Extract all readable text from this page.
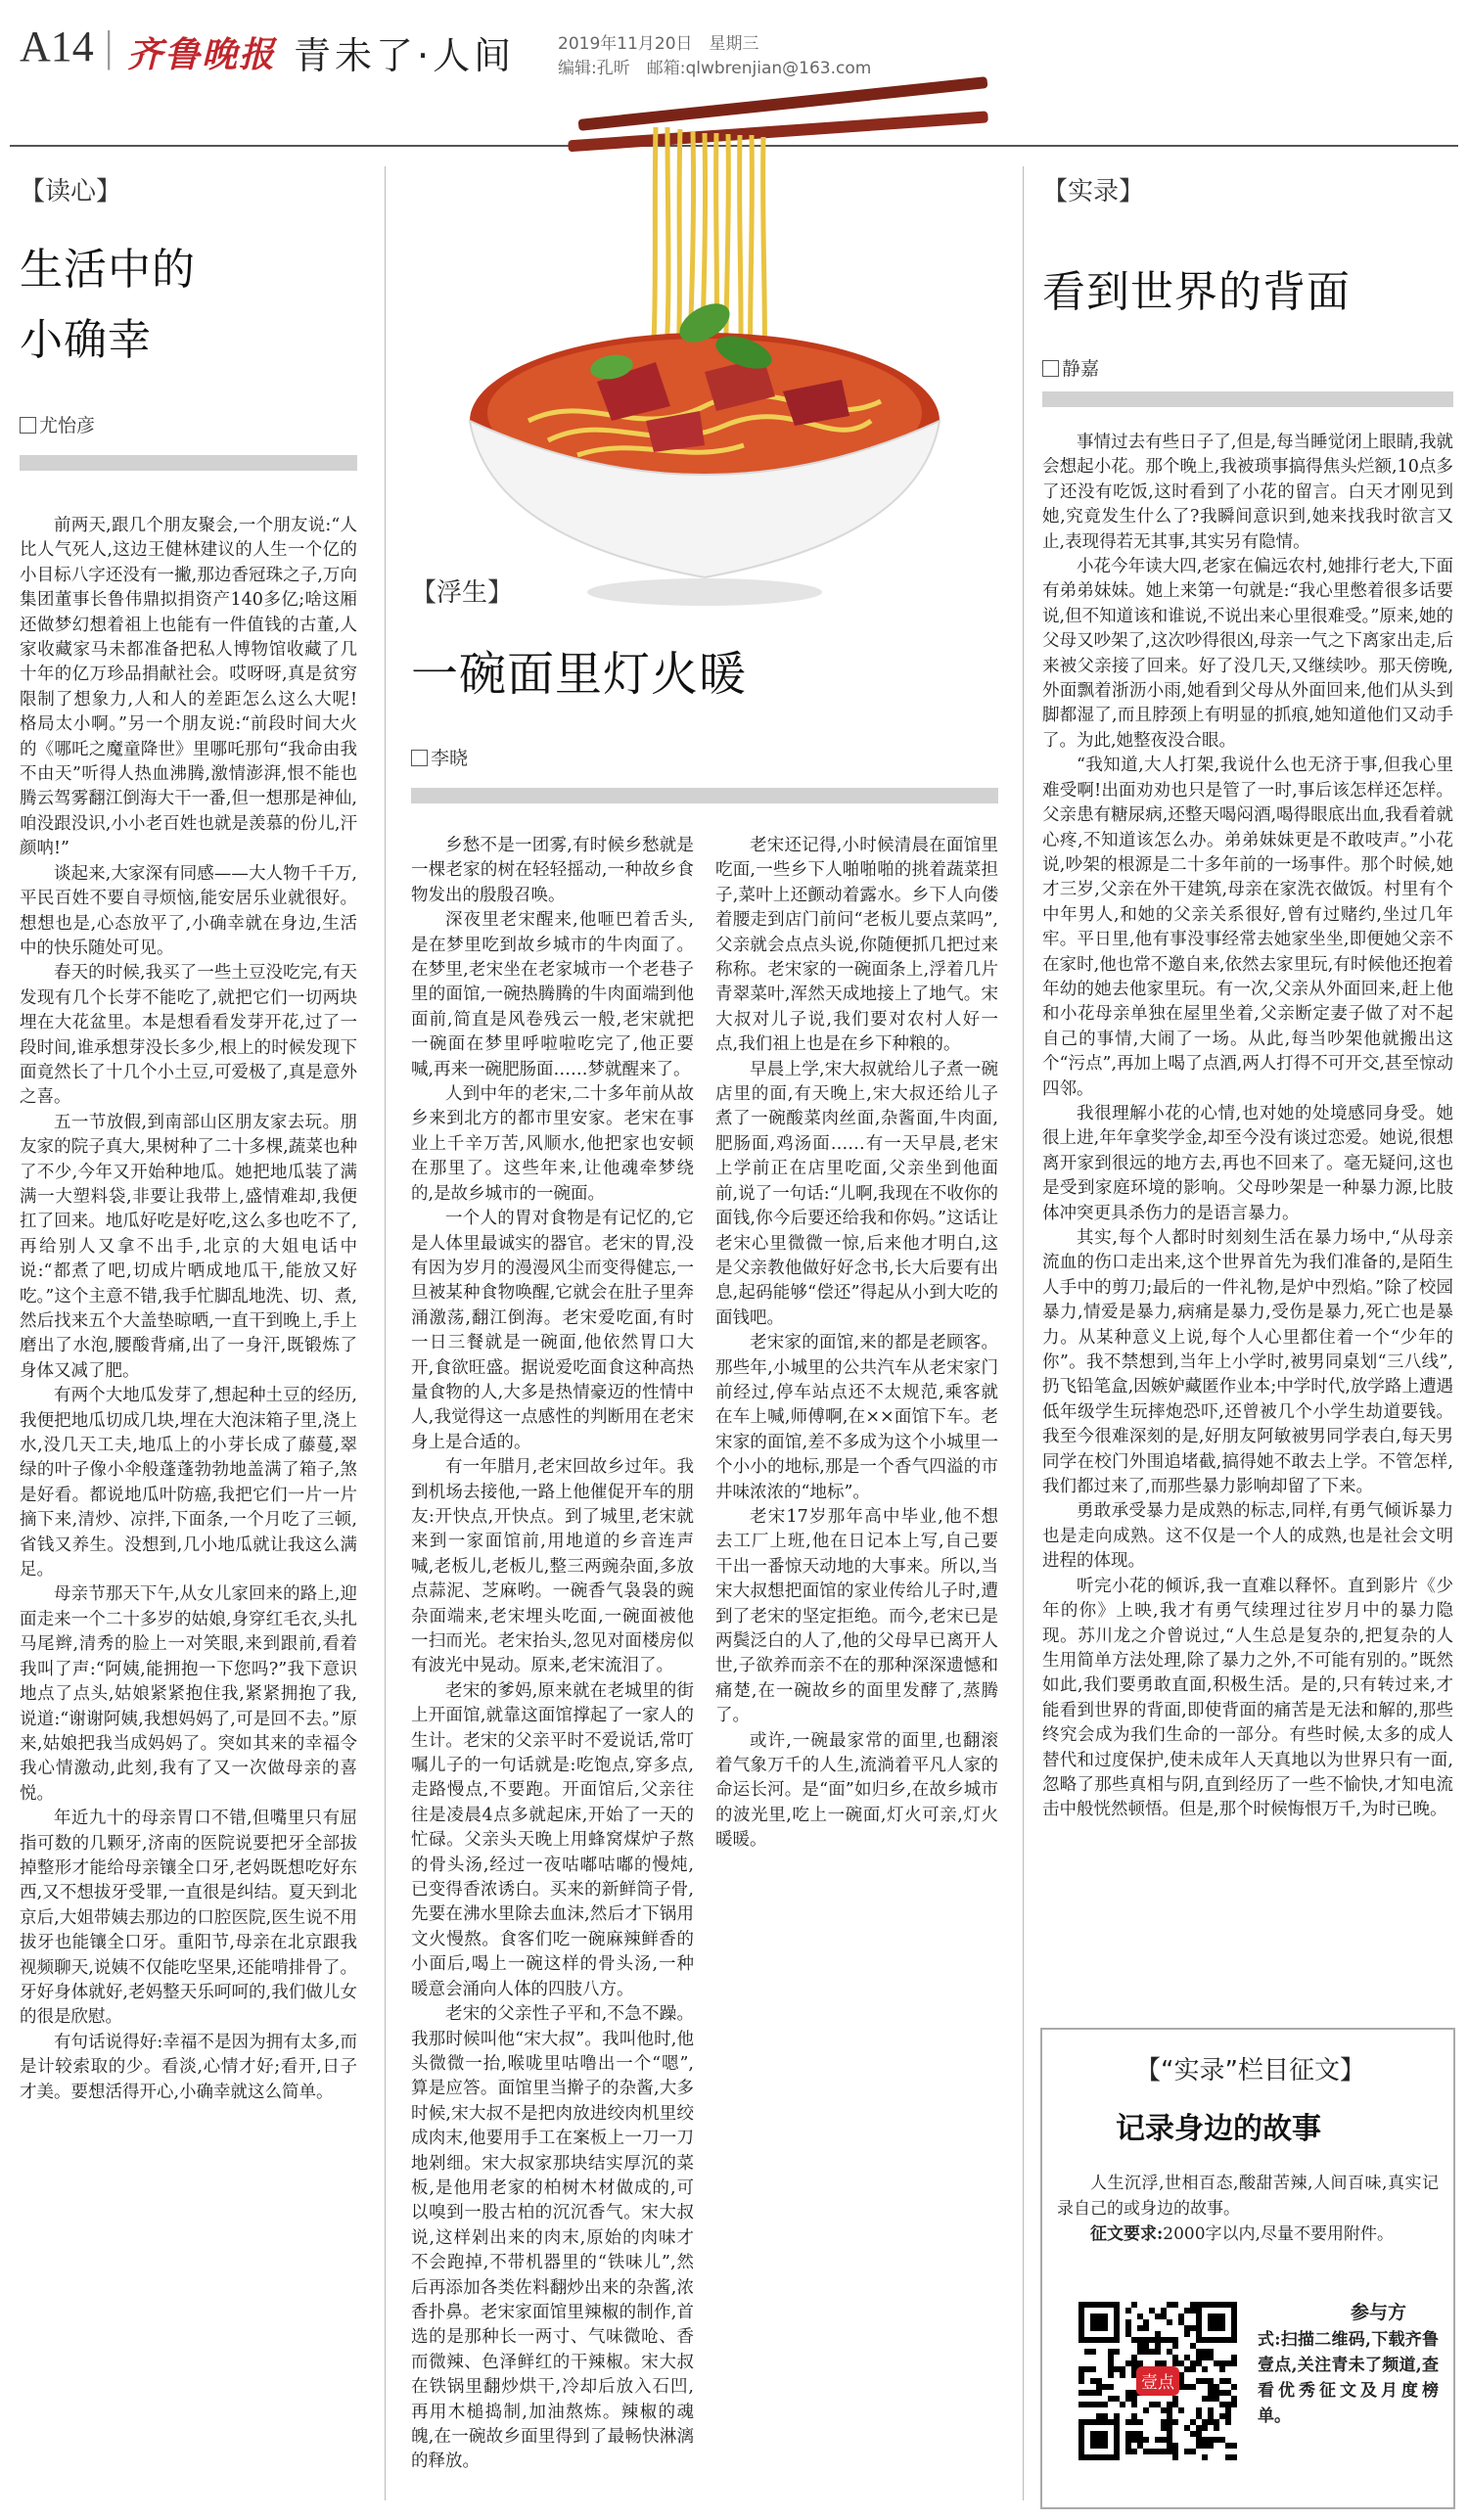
A14 | 齐鲁晚报 青未了·人间	2019年11月20日　星期三
编辑:孔昕　邮箱:qlwbrenjian@163.com
【读心】
生活中的
小确幸
尤怡彦

前两天,跟几个朋友聚会,一个朋友说:“人比人气死人,这边王健林建议的人生一个亿的小目标八字还没有一撇,那边香冠珠之子,万向集团董事长鲁伟鼎拟捐资产140多亿;啥这厢还做梦幻想着祖上也能有一件值钱的古董,人家收藏家马未都准备把私人博物馆收藏了几十年的亿万珍品捐献社会。哎呀呀,真是贫穷限制了想象力,人和人的差距怎么这么大呢!格局太小啊。”另一个朋友说:“前段时间大火的《哪吒之魔童降世》里哪吒那句“我命由我不由天”听得人热血沸腾,激情澎湃,恨不能也腾云驾雾翻江倒海大干一番,但一想那是神仙,咱没跟没识,小小老百姓也就是羡慕的份儿,汗颜呐!”

谈起来,大家深有同感——大人物千千万,平民百姓不要自寻烦恼,能安居乐业就很好。想想也是,心态放平了,小确幸就在身边,生活中的快乐随处可见。

春天的时候,我买了一些土豆没吃完,有天发现有几个长芽不能吃了,就把它们一切两块埋在大花盆里。本是想看看发芽开花,过了一段时间,谁承想芽没长多少,根上的时候发现下面竟然长了十几个小土豆,可爱极了,真是意外之喜。

五一节放假,到南部山区朋友家去玩。朋友家的院子真大,果树种了二十多棵,蔬菜也种了不少,今年又开始种地瓜。她把地瓜装了满满一大塑料袋,非要让我带上,盛情难却,我便扛了回来。地瓜好吃是好吃,这么多也吃不了,再给别人又拿不出手,北京的大姐电话中说:“都煮了吧,切成片晒成地瓜干,能放又好吃。”这个主意不错,我手忙脚乱地洗、切、煮,然后找来五个大盖垫晾晒,一直干到晚上,手上磨出了水泡,腰酸背痛,出了一身汗,既锻炼了身体又减了肥。

有两个大地瓜发芽了,想起种土豆的经历,我便把地瓜切成几块,埋在大泡沫箱子里,浇上水,没几天工夫,地瓜上的小芽长成了藤蔓,翠绿的叶子像小伞般蓬蓬勃勃地盖满了箱子,煞是好看。都说地瓜叶防癌,我把它们一片一片摘下来,清炒、凉拌,下面条,一个月吃了三顿,省钱又养生。没想到,几小地瓜就让我这么满足。

母亲节那天下午,从女儿家回来的路上,迎面走来一个二十多岁的姑娘,身穿红毛衣,头扎马尾辫,清秀的脸上一对笑眼,来到跟前,看着我叫了声:“阿姨,能拥抱一下您吗?”我下意识地点了点头,姑娘紧紧抱住我,紧紧拥抱了我,说道:“谢谢阿姨,我想妈妈了,可是回不去。”原来,姑娘把我当成妈妈了。突如其来的幸福令我心情激动,此刻,我有了又一次做母亲的喜悦。

年近九十的母亲胃口不错,但嘴里只有屈指可数的几颗牙,济南的医院说要把牙全部拔掉整形才能给母亲镶全口牙,老妈既想吃好东西,又不想拔牙受罪,一直很是纠结。夏天到北京后,大姐带姨去那边的口腔医院,医生说不用拔牙也能镶全口牙。重阳节,母亲在北京跟我视频聊天,说姨不仅能吃坚果,还能啃排骨了。牙好身体就好,老妈整天乐呵呵的,我们做儿女的很是欣慰。

有句话说得好:幸福不是因为拥有太多,而是计较索取的少。看淡,心情才好;看开,日子才美。要想活得开心,小确幸就这么简单。

【浮生】
一碗面里灯火暖
李晓

乡愁不是一团雾,有时候乡愁就是一棵老家的树在轻轻摇动,一种故乡食物发出的殷殷召唤。

深夜里老宋醒来,他咂巴着舌头,是在梦里吃到故乡城市的牛肉面了。在梦里,老宋坐在老家城市一个老巷子里的面馆,一碗热腾腾的牛肉面端到他面前,简直是风卷残云一般,老宋就把一碗面在梦里呼啦啦吃完了,他正要喊,再来一碗肥肠面……梦就醒来了。

人到中年的老宋,二十多年前从故乡来到北方的都市里安家。老宋在事业上千辛万苦,风顺水,他把家也安顿在那里了。这些年来,让他魂牵梦绕的,是故乡城市的一碗面。

一个人的胃对食物是有记忆的,它是人体里最诚实的器官。老宋的胃,没有因为岁月的漫漫风尘而变得健忘,一旦被某种食物唤醒,它就会在肚子里奔涌激荡,翻江倒海。老宋爱吃面,有时一日三餐就是一碗面,他依然胃口大开,食欲旺盛。据说爱吃面食这种高热量食物的人,大多是热情豪迈的性情中人,我觉得这一点感性的判断用在老宋身上是合适的。

有一年腊月,老宋回故乡过年。我到机场去接他,一路上他催促开车的朋友:开快点,开快点。到了城里,老宋就来到一家面馆前,用地道的乡音连声喊,老板儿,老板儿,整三两豌杂面,多放点蒜泥、芝麻哟。一碗香气袅袅的豌杂面端来,老宋埋头吃面,一碗面被他一扫而光。老宋抬头,忽见对面楼房似有波光中晃动。原来,老宋流泪了。

老宋的爹妈,原来就在老城里的街上开面馆,就靠这面馆撑起了一家人的生计。老宋的父亲平时不爱说话,常叮嘱儿子的一句话就是:吃饱点,穿多点,走路慢点,不要跑。开面馆后,父亲往往是凌晨4点多就起床,开始了一天的忙碌。父亲头天晚上用蜂窝煤炉子熬的骨头汤,经过一夜咕嘟咕嘟的慢炖,已变得香浓诱白。买来的新鲜筒子骨,先要在沸水里除去血沫,然后才下锅用文火慢熬。食客们吃一碗麻辣鲜香的小面后,喝上一碗这样的骨头汤,一种暖意会涌向人体的四肢八方。

老宋的父亲性子平和,不急不躁。我那时候叫他“宋大叔”。我叫他时,他头微微一抬,喉咙里咕噜出一个“嗯”,算是应答。面馆里当擀子的杂酱,大多时候,宋大叔不是把肉放进绞肉机里绞成肉末,他要用手工在案板上一刀一刀地剁细。宋大叔家那块结实厚沉的菜板,是他用老家的柏树木材做成的,可以嗅到一股古柏的沉沉香气。宋大叔说,这样剁出来的肉末,原始的肉味才不会跑掉,不带机器里的“铁味儿”,然后再添加各类佐料翻炒出来的杂酱,浓香扑鼻。老宋家面馆里辣椒的制作,首选的是那种长一两寸、气味微呛、香而微辣、色泽鲜红的干辣椒。宋大叔在铁锅里翻炒烘干,冷却后放入石凹,再用木槌捣制,加油熬炼。辣椒的魂魄,在一碗故乡面里得到了最畅快淋漓的释放。

老宋还记得,小时候清晨在面馆里吃面,一些乡下人啪啪啪的挑着蔬菜担子,菜叶上还颤动着露水。乡下人向偻着腰走到店门前问“老板儿要点菜吗”,父亲就会点点头说,你随便抓几把过来称称。老宋家的一碗面条上,浮着几片青翠菜叶,浑然天成地接上了地气。宋大叔对儿子说,我们要对农村人好一点,我们祖上也是在乡下种粮的。

早晨上学,宋大叔就给儿子煮一碗店里的面,有天晚上,宋大叔还给儿子煮了一碗酸菜肉丝面,杂酱面,牛肉面,肥肠面,鸡汤面……有一天早晨,老宋上学前正在店里吃面,父亲坐到他面前,说了一句话:“儿啊,我现在不收你的面钱,你今后要还给我和你妈。”这话让老宋心里微微一惊,后来他才明白,这是父亲教他做好好念书,长大后要有出息,起码能够“偿还”得起从小到大吃的面钱吧。

老宋家的面馆,来的都是老顾客。那些年,小城里的公共汽车从老宋家门前经过,停车站点还不太规范,乘客就在车上喊,师傅啊,在××面馆下车。老宋家的面馆,差不多成为这个小城里一个小小的地标,那是一个香气四溢的市井味浓浓的“地标”。

老宋17岁那年高中毕业,他不想去工厂上班,他在日记本上写,自己要干出一番惊天动地的大事来。所以,当宋大叔想把面馆的家业传给儿子时,遭到了老宋的坚定拒绝。而今,老宋已是两鬓泛白的人了,他的父母早已离开人世,子欲养而亲不在的那种深深遗憾和痛楚,在一碗故乡的面里发酵了,蒸腾了。

或许,一碗最家常的面里,也翻滚着气象万千的人生,流淌着平凡人家的命运长河。是“面”如归乡,在故乡城市的波光里,吃上一碗面,灯火可亲,灯火暖暖。

【实录】
看到世界的背面
静嘉

事情过去有些日子了,但是,每当睡觉闭上眼睛,我就会想起小花。那个晚上,我被琐事搞得焦头烂额,10点多了还没有吃饭,这时看到了小花的留言。白天才刚见到她,究竟发生什么了?我瞬间意识到,她来找我时欲言又止,表现得若无其事,其实另有隐情。

小花今年读大四,老家在偏远农村,她排行老大,下面有弟弟妹妹。她上来第一句就是:“我心里憋着很多话要说,但不知道该和谁说,不说出来心里很难受。”原来,她的父母又吵架了,这次吵得很凶,母亲一气之下离家出走,后来被父亲接了回来。好了没几天,又继续吵。那天傍晚,外面飘着浙沥小雨,她看到父母从外面回来,他们从头到脚都湿了,而且脖颈上有明显的抓痕,她知道他们又动手了。为此,她整夜没合眼。

“我知道,大人打架,我说什么也无济于事,但我心里难受啊!出面劝劝也只是管了一时,事后该怎样还怎样。父亲患有糖尿病,还整天喝闷酒,喝得眼底出血,我看着就心疼,不知道该怎么办。弟弟妹妹更是不敢吱声。”小花说,吵架的根源是二十多年前的一场事件。那个时候,她才三岁,父亲在外干建筑,母亲在家洗衣做饭。村里有个中年男人,和她的父亲关系很好,曾有过赌约,坐过几年牢。平日里,他有事没事经常去她家坐坐,即便她父亲不在家时,他也常不邀自来,依然去家里玩,有时候他还抱着年幼的她去他家里玩。有一次,父亲从外面回来,赶上他和小花母亲单独在屋里坐着,父亲断定妻子做了对不起自己的事情,大闹了一场。从此,每当吵架他就搬出这个“污点”,再加上喝了点酒,两人打得不可开交,甚至惊动四邻。

我很理解小花的心情,也对她的处境感同身受。她很上进,年年拿奖学金,却至今没有谈过恋爱。她说,很想离开家到很远的地方去,再也不回来了。毫无疑问,这也是受到家庭环境的影响。父母吵架是一种暴力源,比肢体冲突更具杀伤力的是语言暴力。

其实,每个人都时时刻刻生活在暴力场中,“从母亲流血的伤口走出来,这个世界首先为我们准备的,是陌生人手中的剪刀;最后的一件礼物,是炉中烈焰。”除了校园暴力,情爱是暴力,病痛是暴力,受伤是暴力,死亡也是暴力。从某种意义上说,每个人心里都住着一个“少年的你”。我不禁想到,当年上小学时,被男同桌划“三八线”,扔飞铅笔盒,因嫉妒藏匿作业本;中学时代,放学路上遭遇低年级学生玩摔炮恐吓,还曾被几个小学生劫道要钱。我至今很难深刻的是,好朋友阿敏被男同学表白,每天男同学在校门外围追堵截,搞得她不敢去上学。不管怎样,我们都过来了,而那些暴力影响却留了下来。

勇敢承受暴力是成熟的标志,同样,有勇气倾诉暴力也是走向成熟。这不仅是一个人的成熟,也是社会文明进程的体现。

听完小花的倾诉,我一直难以释怀。直到影片《少年的你》上映,我才有勇气续理过往岁月中的暴力隐现。苏川龙之介曾说过,“人生总是复杂的,把复杂的人生用简单方法处理,除了暴力之外,不可能有别的。”既然如此,我们要勇敢直面,积极生活。是的,只有转过来,才能看到世界的背面,即使背面的痛苦是无法和解的,那些终究会成为我们生命的一部分。有些时候,太多的成人替代和过度保护,使未成年人天真地以为世界只有一面,忽略了那些真相与阴,直到经历了一些不愉快,才知电流击中般恍然顿悟。但是,那个时候悔恨万千,为时已晚。

【“实录”栏目征文】
记录身边的故事

人生沉浮,世相百态,酸甜苦辣,人间百味,真实记录自己的或身边的故事。

征文要求:2000字以内,尽量不要用附件。

壹点
参与方
式:扫描二维码,下载齐鲁壹点,关注青未了频道,查看优秀征文及月度榜单。
